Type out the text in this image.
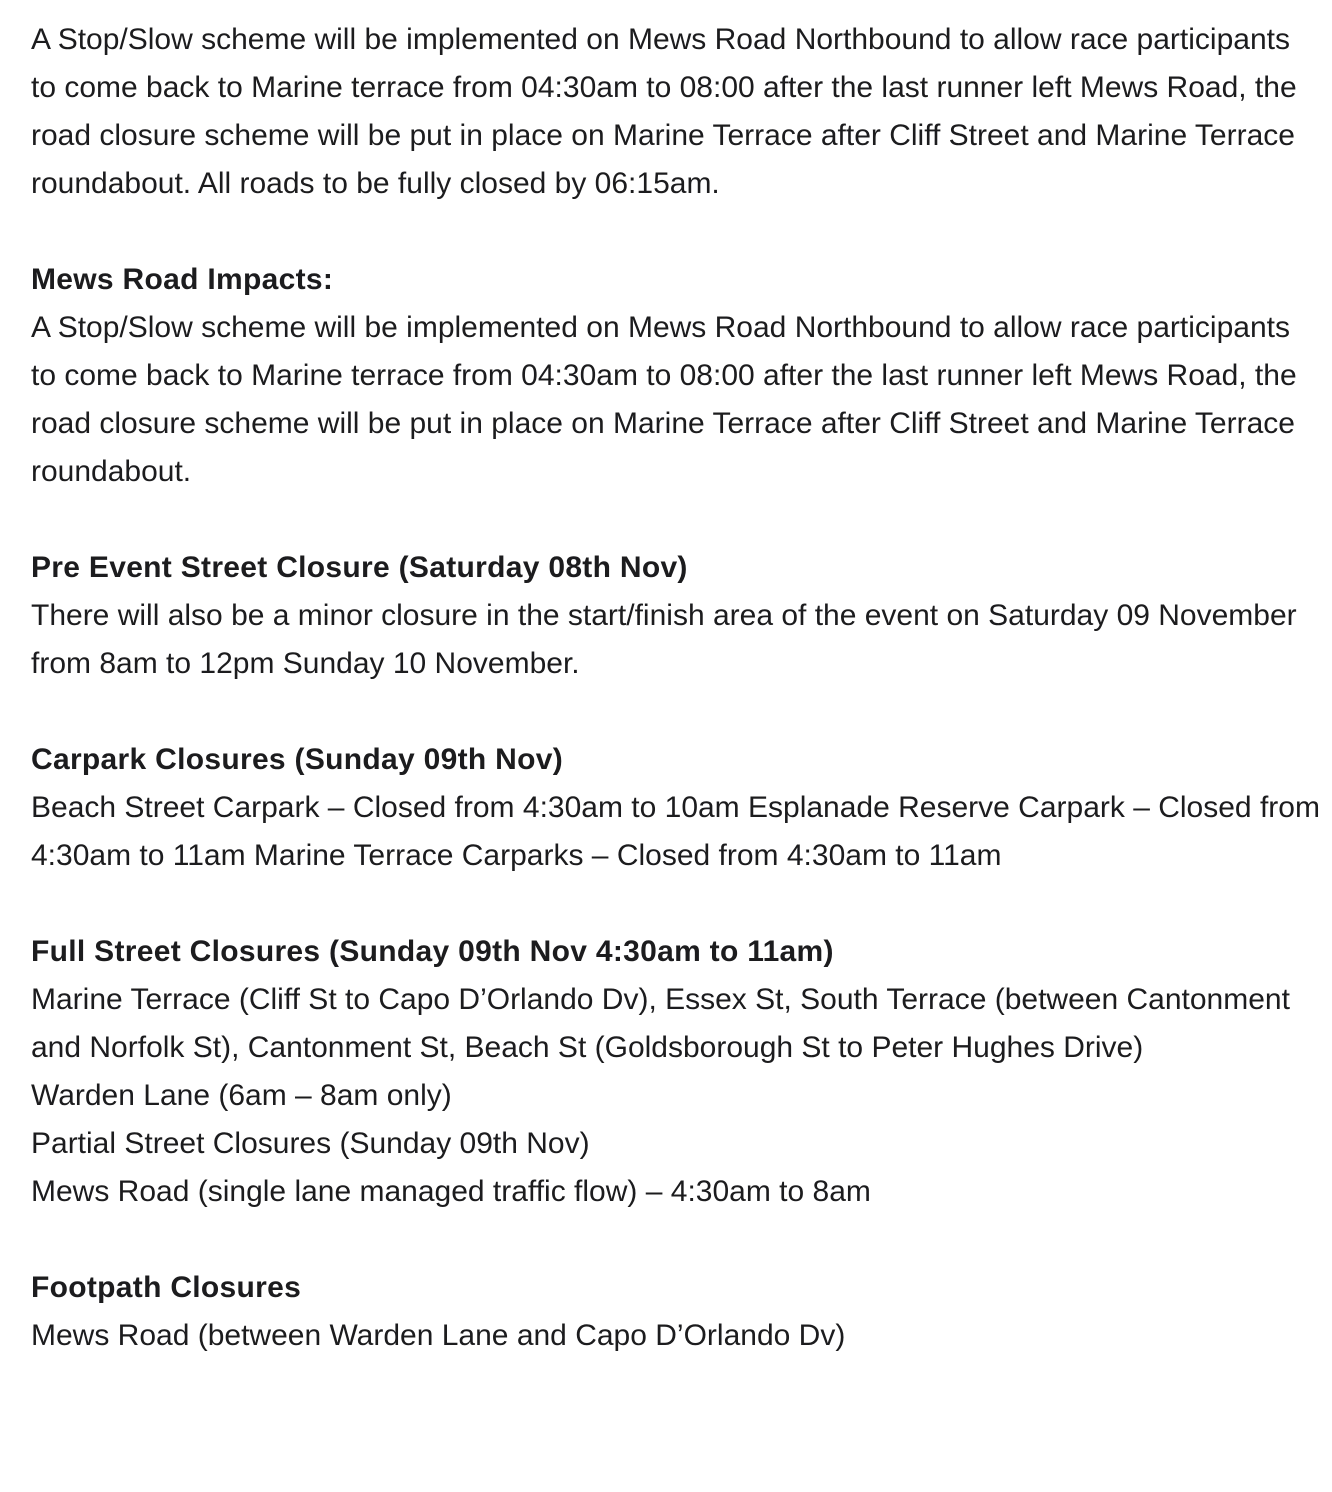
A Stop/Slow scheme will be implemented on Mews Road Northbound to allow race participants to come back to Marine terrace from 04:30am to 08:00 after the last runner left Mews Road, the road closure scheme will be put in place on Marine Terrace after Cliff Street and Marine Terrace roundabout. All roads to be fully closed by 06:15am.

Mews Road Impacts:

A Stop/Slow scheme will be implemented on Mews Road Northbound to allow race participants to come back to Marine terrace from 04:30am to 08:00 after the last runner left Mews Road, the road closure scheme will be put in place on Marine Terrace after Cliff Street and Marine Terrace roundabout.

Pre Event Street Closure (Saturday 08th Nov)

There will also be a minor closure in the start/finish area of the event on Saturday 09 November from 8am to 12pm Sunday 10 November.

Carpark Closures (Sunday 09th Nov)

Beach Street Carpark – Closed from 4:30am to 10am Esplanade Reserve Carpark – Closed from 4:30am to 11am Marine Terrace Carparks – Closed from 4:30am to 11am

Full Street Closures (Sunday 09th Nov 4:30am to 11am)

Marine Terrace (Cliff St to Capo D’Orlando Dv), Essex St, South Terrace (between Cantonment and Norfolk St), Cantonment St, Beach St (Goldsborough St to Peter Hughes Drive)

Warden Lane (6am – 8am only)

Partial Street Closures (Sunday 09th Nov)

Mews Road (single lane managed traffic flow) – 4:30am to 8am

Footpath Closures

Mews Road (between Warden Lane and Capo D’Orlando Dv)
